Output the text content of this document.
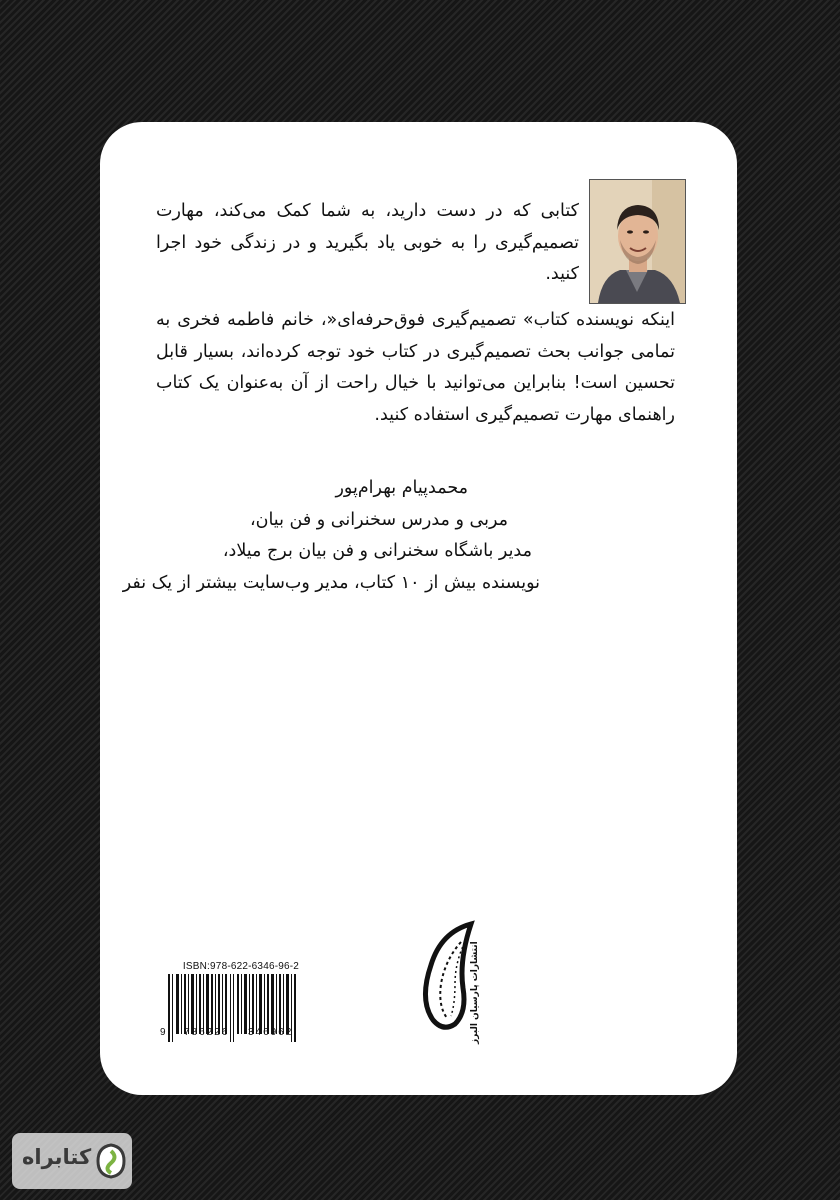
کتابی که در دست دارید، به شما کمک می‌کند، مهارت تصمیم‌گیری را به خوبی یاد بگیرید و در زندگی خود اجرا کنید.

اینکه نویسنده کتاب» تصمیم‌گیری فوق‌حرفه‌ای«، خانم فاطمه فخری به تمامی جوانب بحث تصمیم‌گیری در کتاب خود توجه کرده‌اند، بسیار قابل تحسین است! بنابراین می‌توانید با خیال راحت از آن به‌عنوان یک کتاب راهنمای مهارت تصمیم‌گیری استفاده کنید.

محمدپیام بهرام‌پور
مربی و مدرس سخنرانی و فن بیان،
مدیر باشگاه سخنرانی و فن بیان برج میلاد،
نویسنده بیش از ۱۰ کتاب، مدیر وب‌سایت بیشتر از یک نفر
ISBN:978-622-6346-96-2
9 786226 346962	انتشارات پارسیان البرز
کتابراه
